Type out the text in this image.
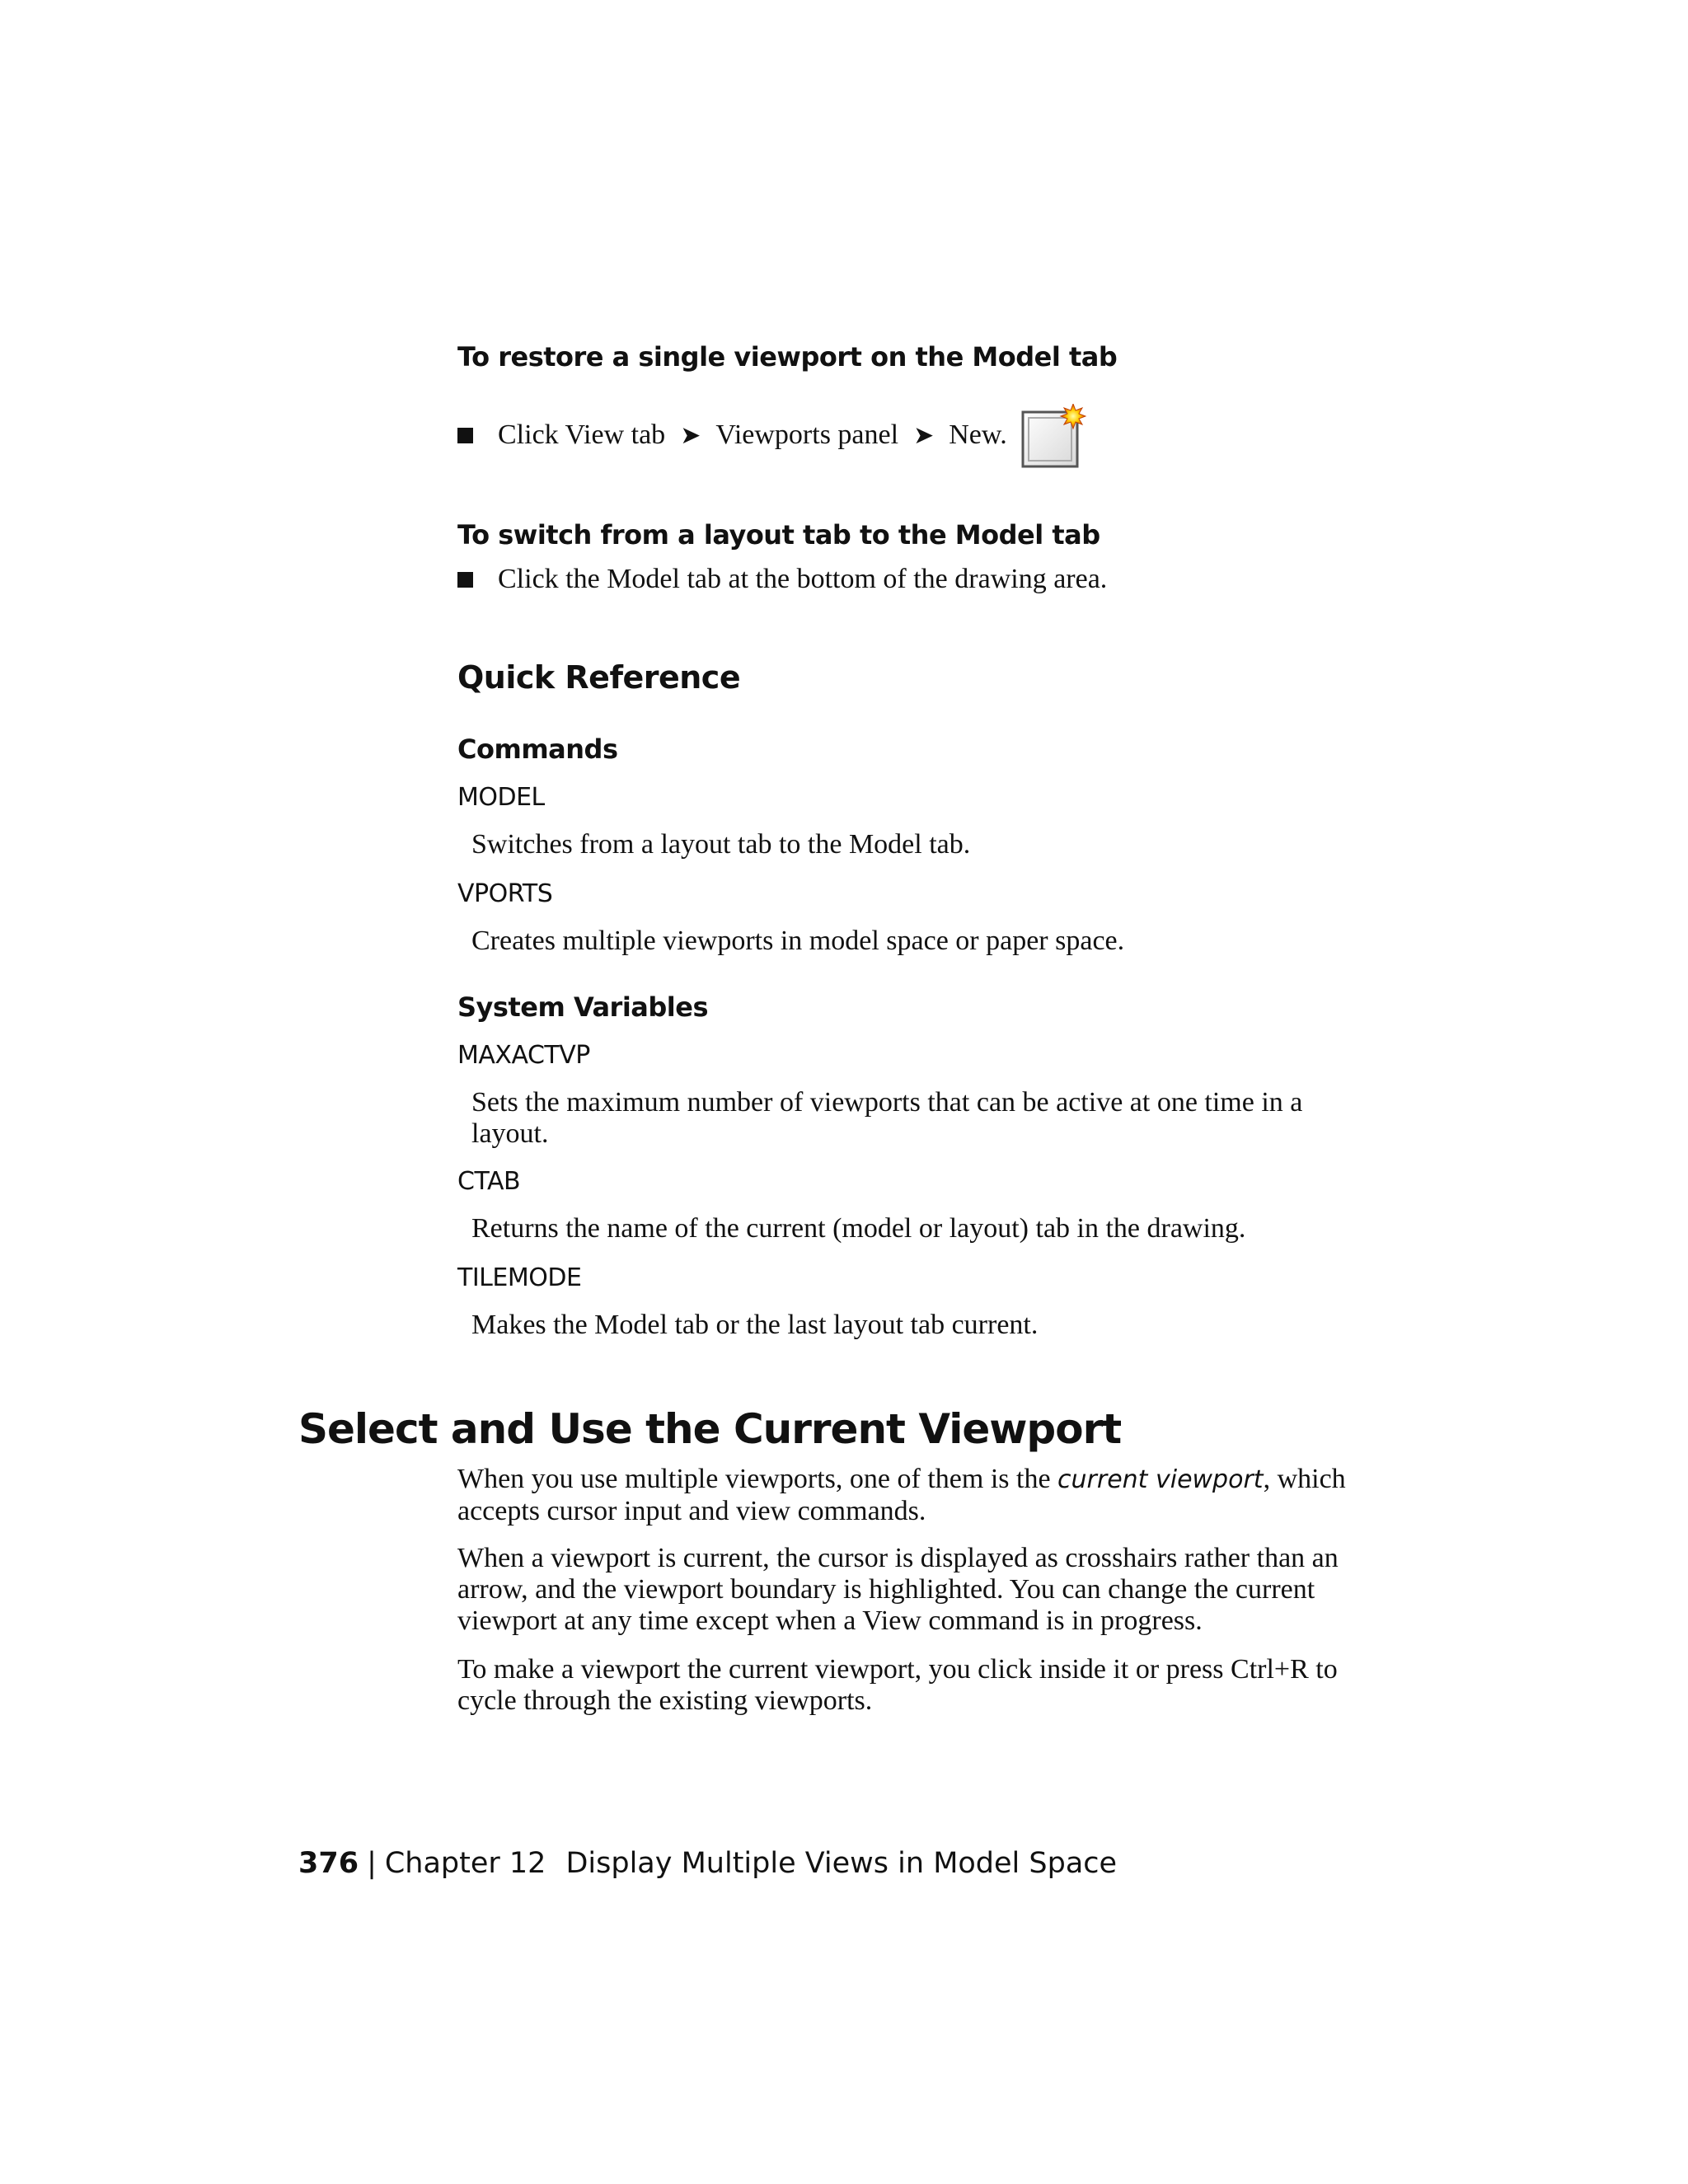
To restore a single viewport on the Model tab
Click View tab ➤ Viewports panel ➤ New.
To switch from a layout tab to the Model tab
Click the Model tab at the bottom of the drawing area.
Quick Reference
Commands
MODEL
Switches from a layout tab to the Model tab.
VPORTS
Creates multiple viewports in model space or paper space.
System Variables
MAXACTVP
Sets the maximum number of viewports that can be active at one time in a layout.
CTAB
Returns the name of the current (model or layout) tab in the drawing.
TILEMODE
Makes the Model tab or the last layout tab current.
Select and Use the Current Viewport

When you use multiple viewports, one of them is the current viewport, which accepts cursor input and view commands.

When a viewport is current, the cursor is displayed as crosshairs rather than an arrow, and the viewport boundary is highlighted. You can change the current viewport at any time except when a View command is in progress.

To make a viewport the current viewport, you click inside it or press Ctrl+R to cycle through the existing viewports.

376 | Chapter 12 Display Multiple Views in Model Space
